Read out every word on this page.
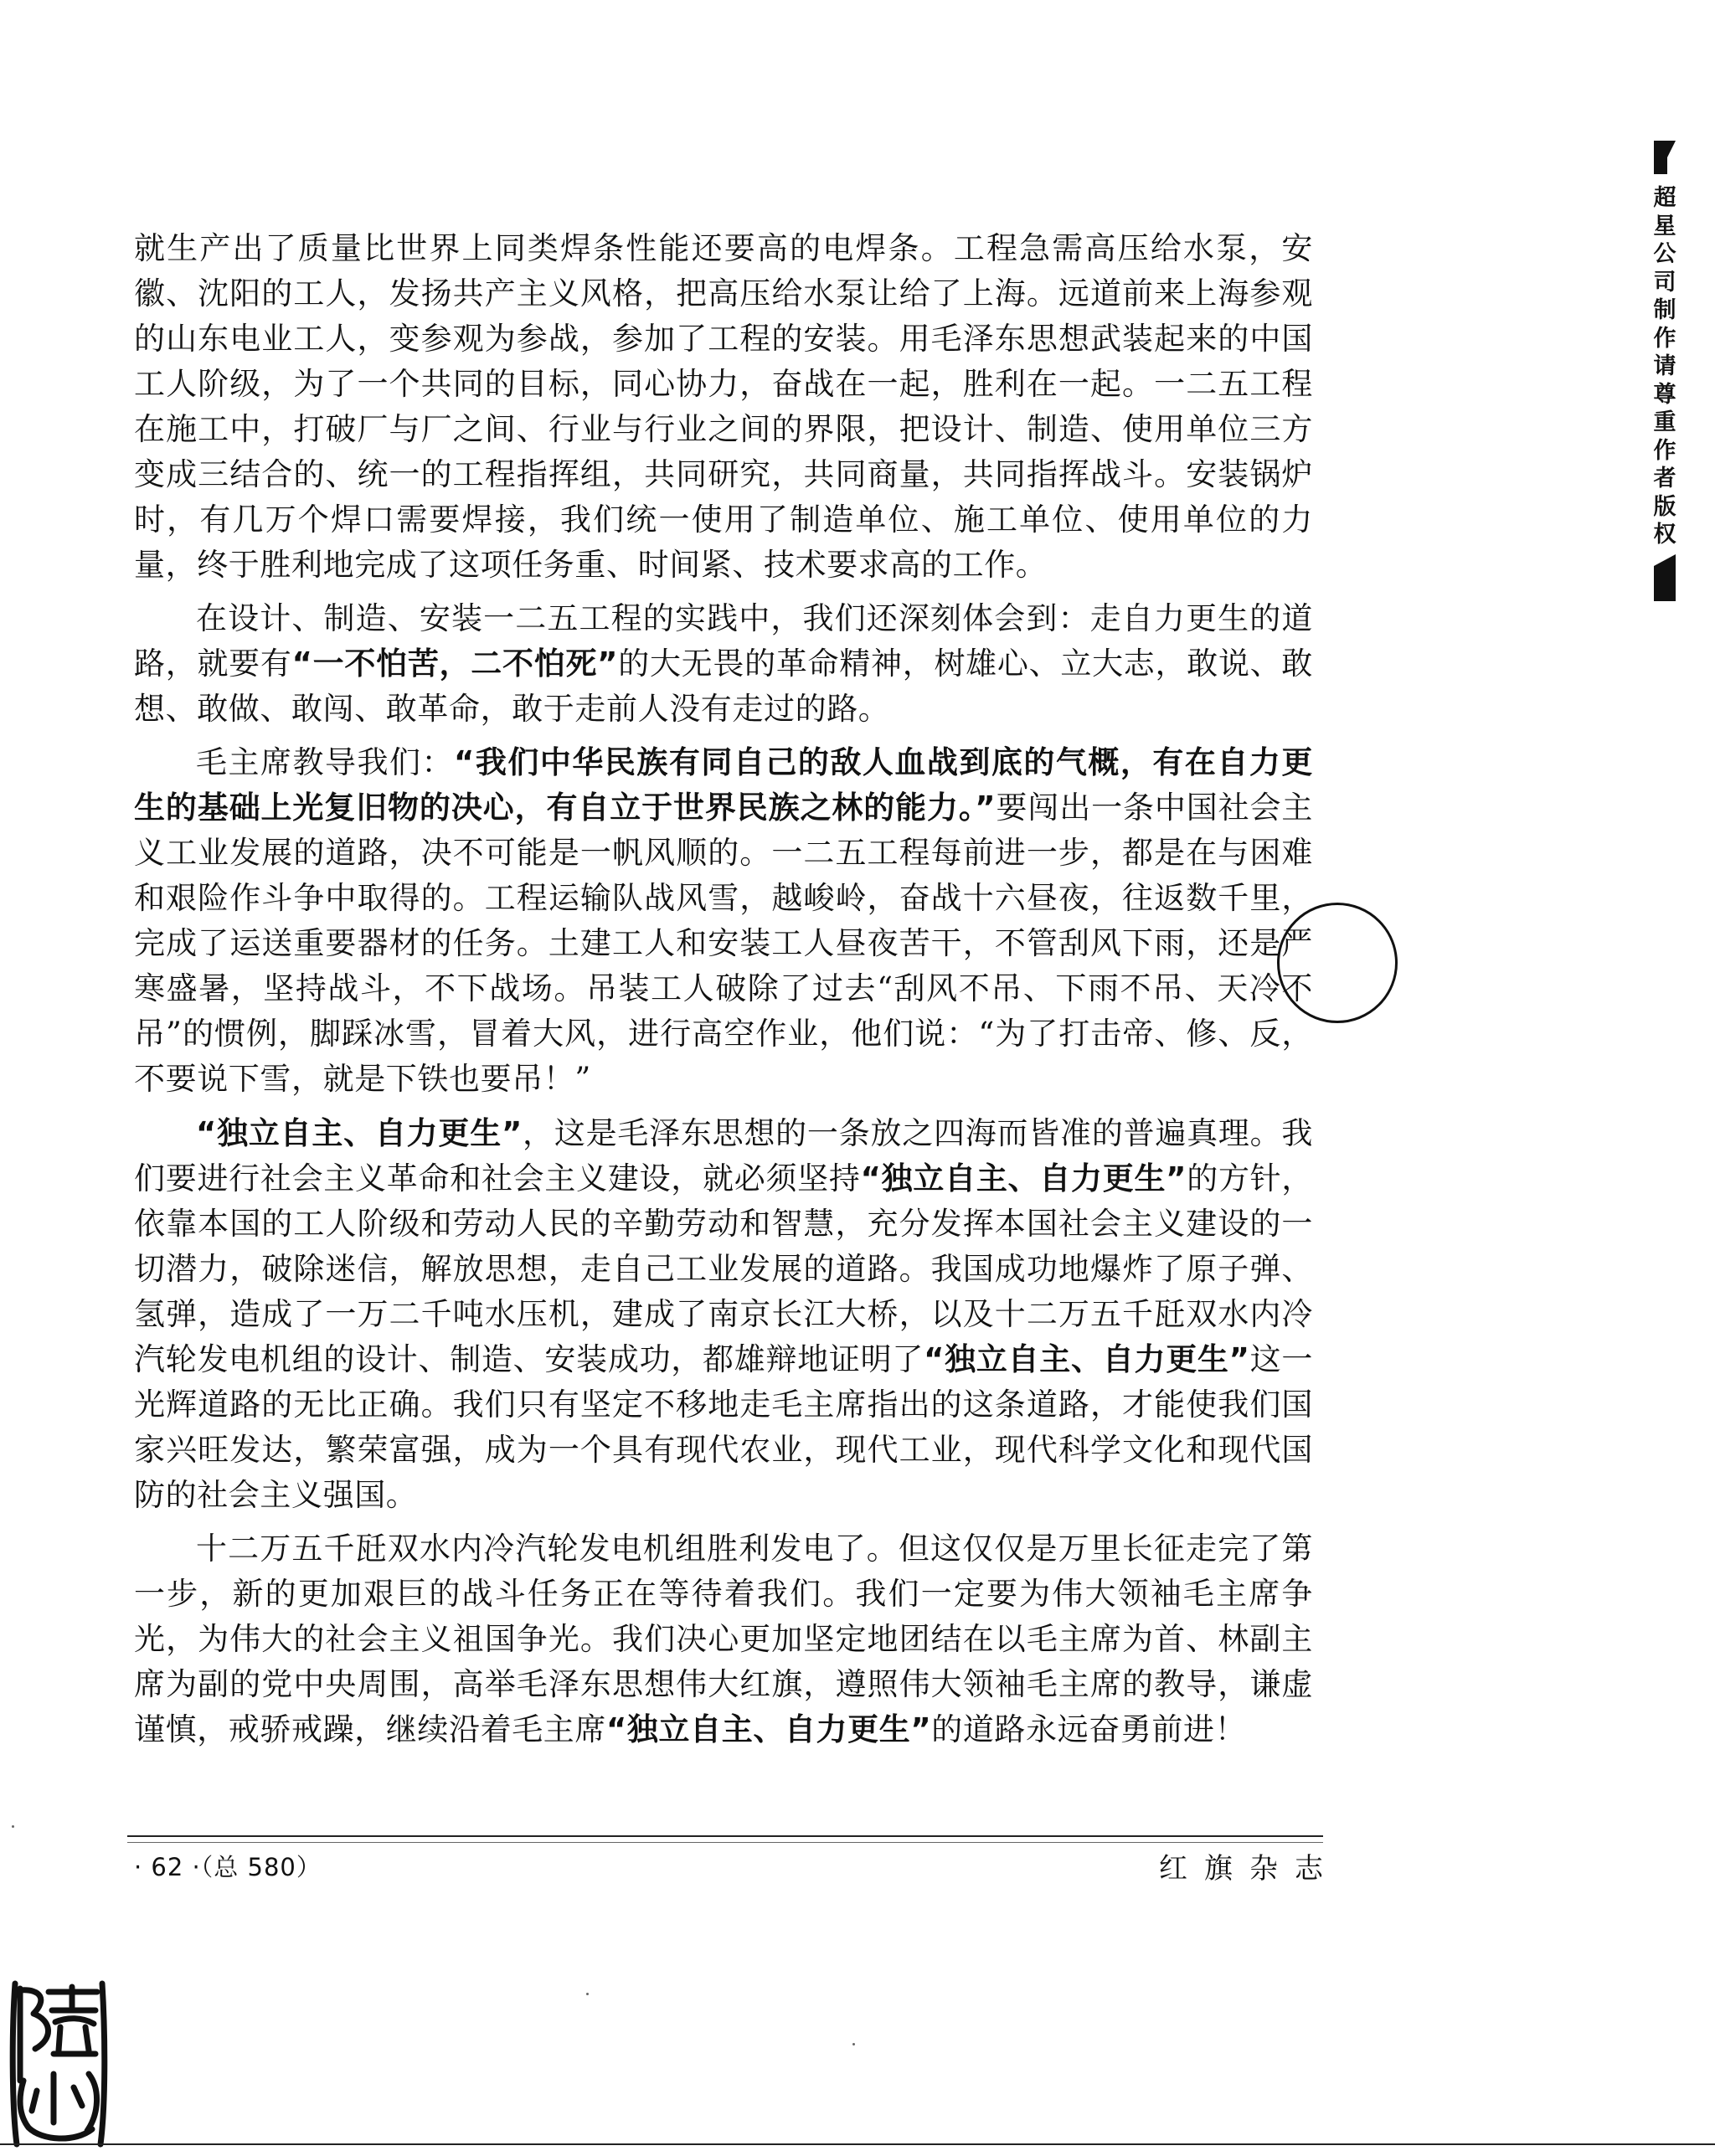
超星公司制作请尊重作者版权

就生产出了质量比世界上同类焊条性能还要高的电焊条。工程急需高压给水泵，安徽、沈阳的工人，发扬共产主义风格，把高压给水泵让给了上海。远道前来上海参观的山东电业工人，变参观为参战，参加了工程的安装。用毛泽东思想武装起来的中国工人阶级，为了一个共同的目标，同心协力，奋战在一起，胜利在一起。一二五工程在施工中，打破厂与厂之间、行业与行业之间的界限，把设计、制造、使用单位三方变成三结合的、统一的工程指挥组，共同研究，共同商量，共同指挥战斗。安装锅炉时，有几万个焊口需要焊接，我们统一使用了制造单位、施工单位、使用单位的力量，终于胜利地完成了这项任务重、时间紧、技术要求高的工作。

在设计、制造、安装一二五工程的实践中，我们还深刻体会到：走自力更生的道路，就要有“一不怕苦，二不怕死”的大无畏的革命精神，树雄心、立大志，敢说、敢想、敢做、敢闯、敢革命，敢于走前人没有走过的路。

毛主席教导我们：“我们中华民族有同自己的敌人血战到底的气概，有在自力更生的基础上光复旧物的决心，有自立于世界民族之林的能力。”要闯出一条中国社会主义工业发展的道路，决不可能是一帆风顺的。一二五工程每前进一步，都是在与困难和艰险作斗争中取得的。工程运输队战风雪，越峻岭，奋战十六昼夜，往返数千里，完成了运送重要器材的任务。土建工人和安装工人昼夜苦干，不管刮风下雨，还是严寒盛暑，坚持战斗，不下战场。吊装工人破除了过去“刮风不吊、下雨不吊、天冷不吊”的惯例，脚踩冰雪，冒着大风，进行高空作业，他们说：“为了打击帝、修、反，不要说下雪，就是下铁也要吊！”

“独立自主、自力更生”，这是毛泽东思想的一条放之四海而皆准的普遍真理。我们要进行社会主义革命和社会主义建设，就必须坚持“独立自主、自力更生”的方针，依靠本国的工人阶级和劳动人民的辛勤劳动和智慧，充分发挥本国社会主义建设的一切潜力，破除迷信，解放思想，走自己工业发展的道路。我国成功地爆炸了原子弹、氢弹，造成了一万二千吨水压机，建成了南京长江大桥，以及十二万五千瓩双水内冷汽轮发电机组的设计、制造、安装成功，都雄辩地证明了“独立自主、自力更生”这一光辉道路的无比正确。我们只有坚定不移地走毛主席指出的这条道路，才能使我们国家兴旺发达，繁荣富强，成为一个具有现代农业，现代工业，现代科学文化和现代国防的社会主义强国。

十二万五千瓩双水内冷汽轮发电机组胜利发电了。但这仅仅是万里长征走完了第一步，新的更加艰巨的战斗任务正在等待着我们。我们一定要为伟大领袖毛主席争光，为伟大的社会主义祖国争光。我们决心更加坚定地团结在以毛主席为首、林副主席为副的党中央周围，高举毛泽东思想伟大红旗，遵照伟大领袖毛主席的教导，谦虚谨慎，戒骄戒躁，继续沿着毛主席“独立自主、自力更生”的道路永远奋勇前进！

· 62 ·（总 580）	红旗杂志
